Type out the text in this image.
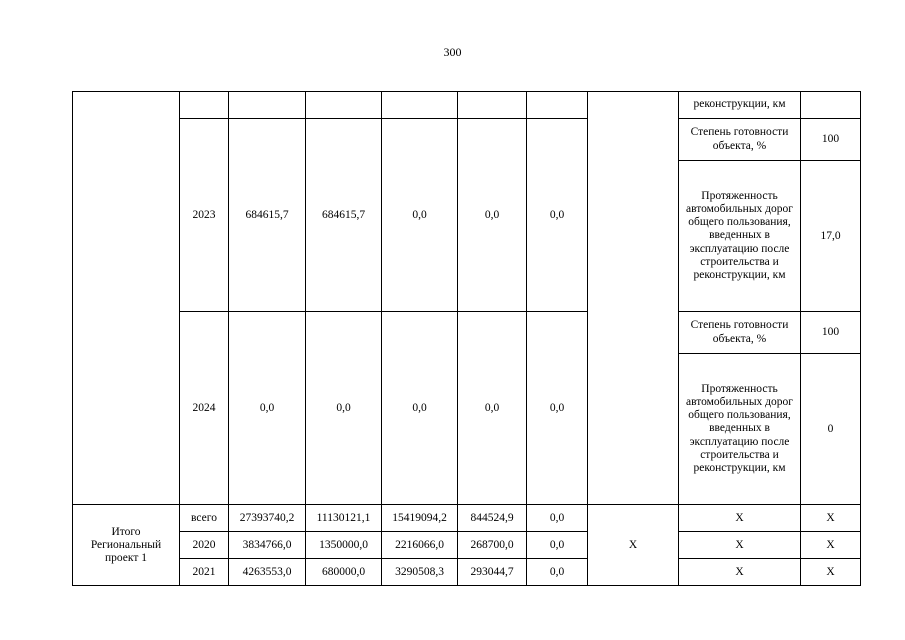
300
								реконструкции, км	
	2023	684615,7	684615,7	0,0	0,0	0,0		Степень готовности объекта, %	100
								Протяженность автомобильных дорог общего пользования, введенных в эксплуатацию после строительства и реконструкции, км	17,0
	2024	0,0	0,0	0,0	0,0	0,0		Степень готовности объекта, %	100
								Протяженность автомобильных дорог общего пользования, введенных в эксплуатацию после строительства и реконструкции, км	0

Итого Региональный проект 1	всего	27393740,2	11130121,1	15419094,2	844524,9	0,0	Х	Х	Х
	2020	3834766,0	1350000,0	2216066,0	268700,0	0,0		Х	Х
	2021	4263553,0	680000,0	3290508,3	293044,7	0,0		Х	Х
